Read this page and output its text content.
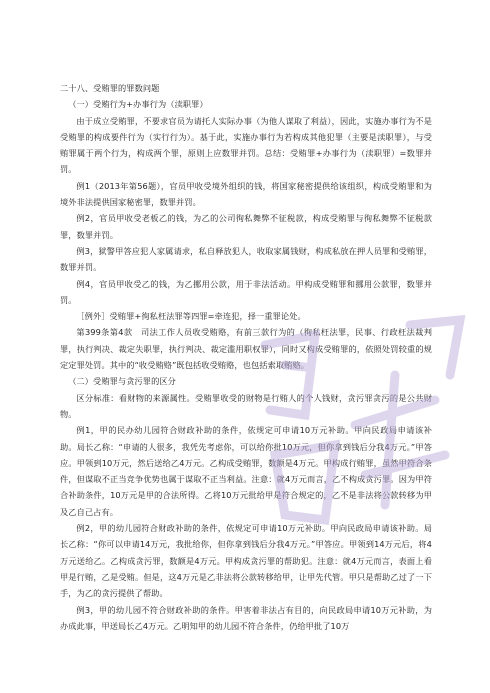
二十八、受贿罪的罪数问题

（一）受贿行为+办事行为（渎职罪）

由于成立受贿罪，不要求官员为请托人实际办事（为他人谋取了利益），因此，实施办事行为不是受贿罪的构成要件行为（实行行为）。基于此，实施办事行为若构成其他犯罪（主要是渎职罪），与受贿罪属于两个行为，构成两个罪，原则上应数罪并罚。总结：受贿罪+办事行为（渎职罪）=数罪并罚。

例1（2013年第56题），官员甲收受境外组织的钱，将国家秘密提供给该组织，构成受贿罪和为境外非法提供国家秘密罪，数罪并罚。

例2，官员甲收受老板乙的钱，为乙的公司徇私舞弊不征税款，构成受贿罪与徇私舞弊不征税款罪，数罪并罚。

例3，狱警甲答应犯人家属请求，私自释放犯人，收取家属钱财，构成私放在押人员罪和受贿罪，数罪并罚。

例4，官员甲收受乙的钱，为乙挪用公款，用于非法活动。甲构成受贿罪和挪用公款罪，数罪并罚。

［例外］受贿罪+徇私枉法罪等四罪=牵连犯，择一重罪论处。

第399条第4款　司法工作人员收受贿赂，有前三款行为的（徇私枉法罪，民事、行政枉法裁判罪，执行判决、裁定失职罪，执行判决、裁定滥用职权罪），同时又构成受贿罪的，依照处罚较重的规定定罪处罚。其中的“收受贿赂”既包括收受贿赂，也包括索取贿赂。

（二）受贿罪与贪污罪的区分

区分标准：看财物的来源属性。受贿罪收受的财物是行贿人的个人钱财，贪污罪贪污的是公共财物。

例1，甲的民办幼儿园符合财政补助的条件，依规定可申请10万元补助。甲向民政局申请该补助。局长乙称：“申请的人很多，我凭先考虑你，可以给你批10万元，但你拿到钱后分我4万元。”甲答应。甲领到10万元，然后送给乙4万元。乙构成受贿罪，数额是4万元。甲构成行贿罪，虽然甲符合条件，但谋取不正当竞争优势也属于谋取不正当利益。注意：就4万元而言，乙不构成贪污罪。因为甲符合补助条件，10万元是甲的合法所得。乙将10万元批给甲是符合规定的，乙不是非法将公款转移为甲及乙自己占有。

例2，甲的幼儿园符合财政补助的条件，依规定可申请10万元补助。甲向民政局申请该补助。局长乙称：“你可以申请14万元，我批给你，但你拿到钱后分我4万元。”甲答应。甲领到14万元后，将4万元送给乙。乙构成贪污罪，数额是4万元。甲构成贪污罪的帮助犯。注意：就4万元而言，表面上看甲是行贿，乙是受贿。但是，这4万元是乙非法将公款转移给甲，让甲先代管。甲只是帮助乙过了一下手，为乙的贪污提供了帮助。

例3，甲的幼儿园不符合财政补助的条件。甲害着非法占有目的，向民政局申请10万元补助，为办成此事，甲送局长乙4万元。乙明知甲的幼儿园不符合条件，仍给甲批了10万
